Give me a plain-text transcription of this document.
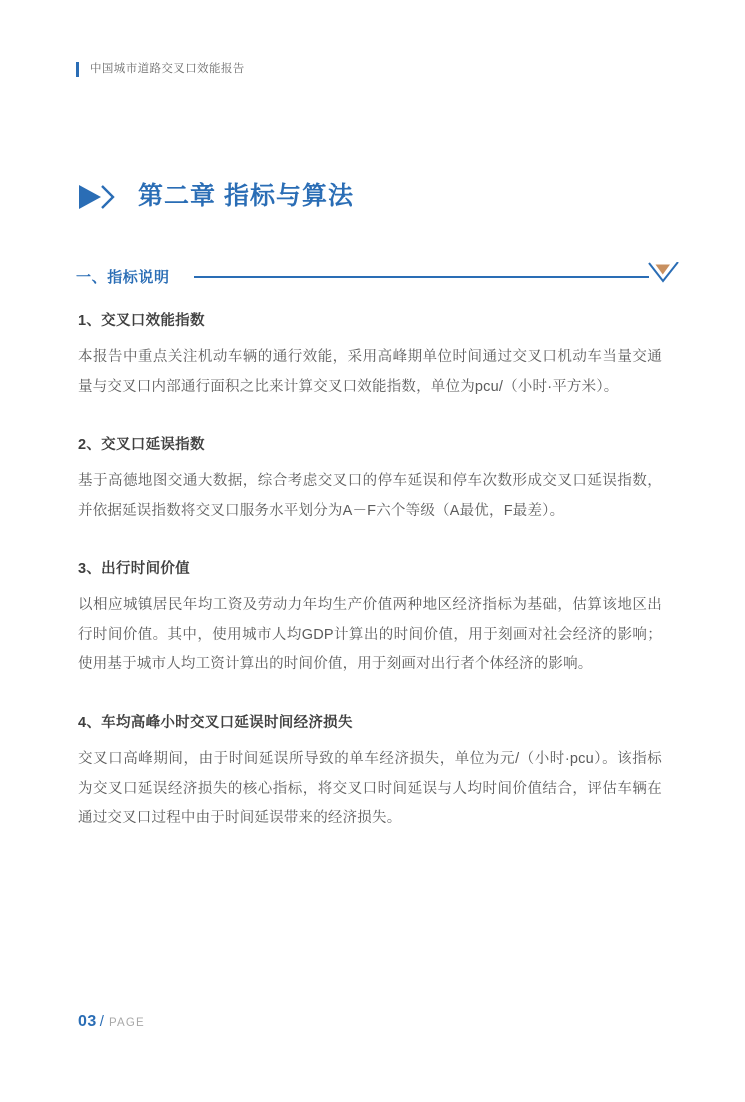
中国城市道路交叉口效能报告
第二章 指标与算法
一、指标说明
1、交叉口效能指数

本报告中重点关注机动车辆的通行效能，采用高峰期单位时间通过交叉口机动车当量交通量与交叉口内部通行面积之比来计算交叉口效能指数，单位为pcu/（小时·平方米）。

2、交叉口延误指数

基于高德地图交通大数据，综合考虑交叉口的停车延误和停车次数形成交叉口延误指数，并依据延误指数将交叉口服务水平划分为A－F六个等级（A最优，F最差）。

3、出行时间价值

以相应城镇居民年均工资及劳动力年均生产价值两种地区经济指标为基础，估算该地区出行时间价值。其中，使用城市人均GDP计算出的时间价值，用于刻画对社会经济的影响；使用基于城市人均工资计算出的时间价值，用于刻画对出行者个体经济的影响。

4、车均高峰小时交叉口延误时间经济损失

交叉口高峰期间，由于时间延误所导致的单车经济损失，单位为元/（小时·pcu）。该指标为交叉口延误经济损失的核心指标，将交叉口时间延误与人均时间价值结合，评估车辆在通过交叉口过程中由于时间延误带来的经济损失。

03 / PAGE
